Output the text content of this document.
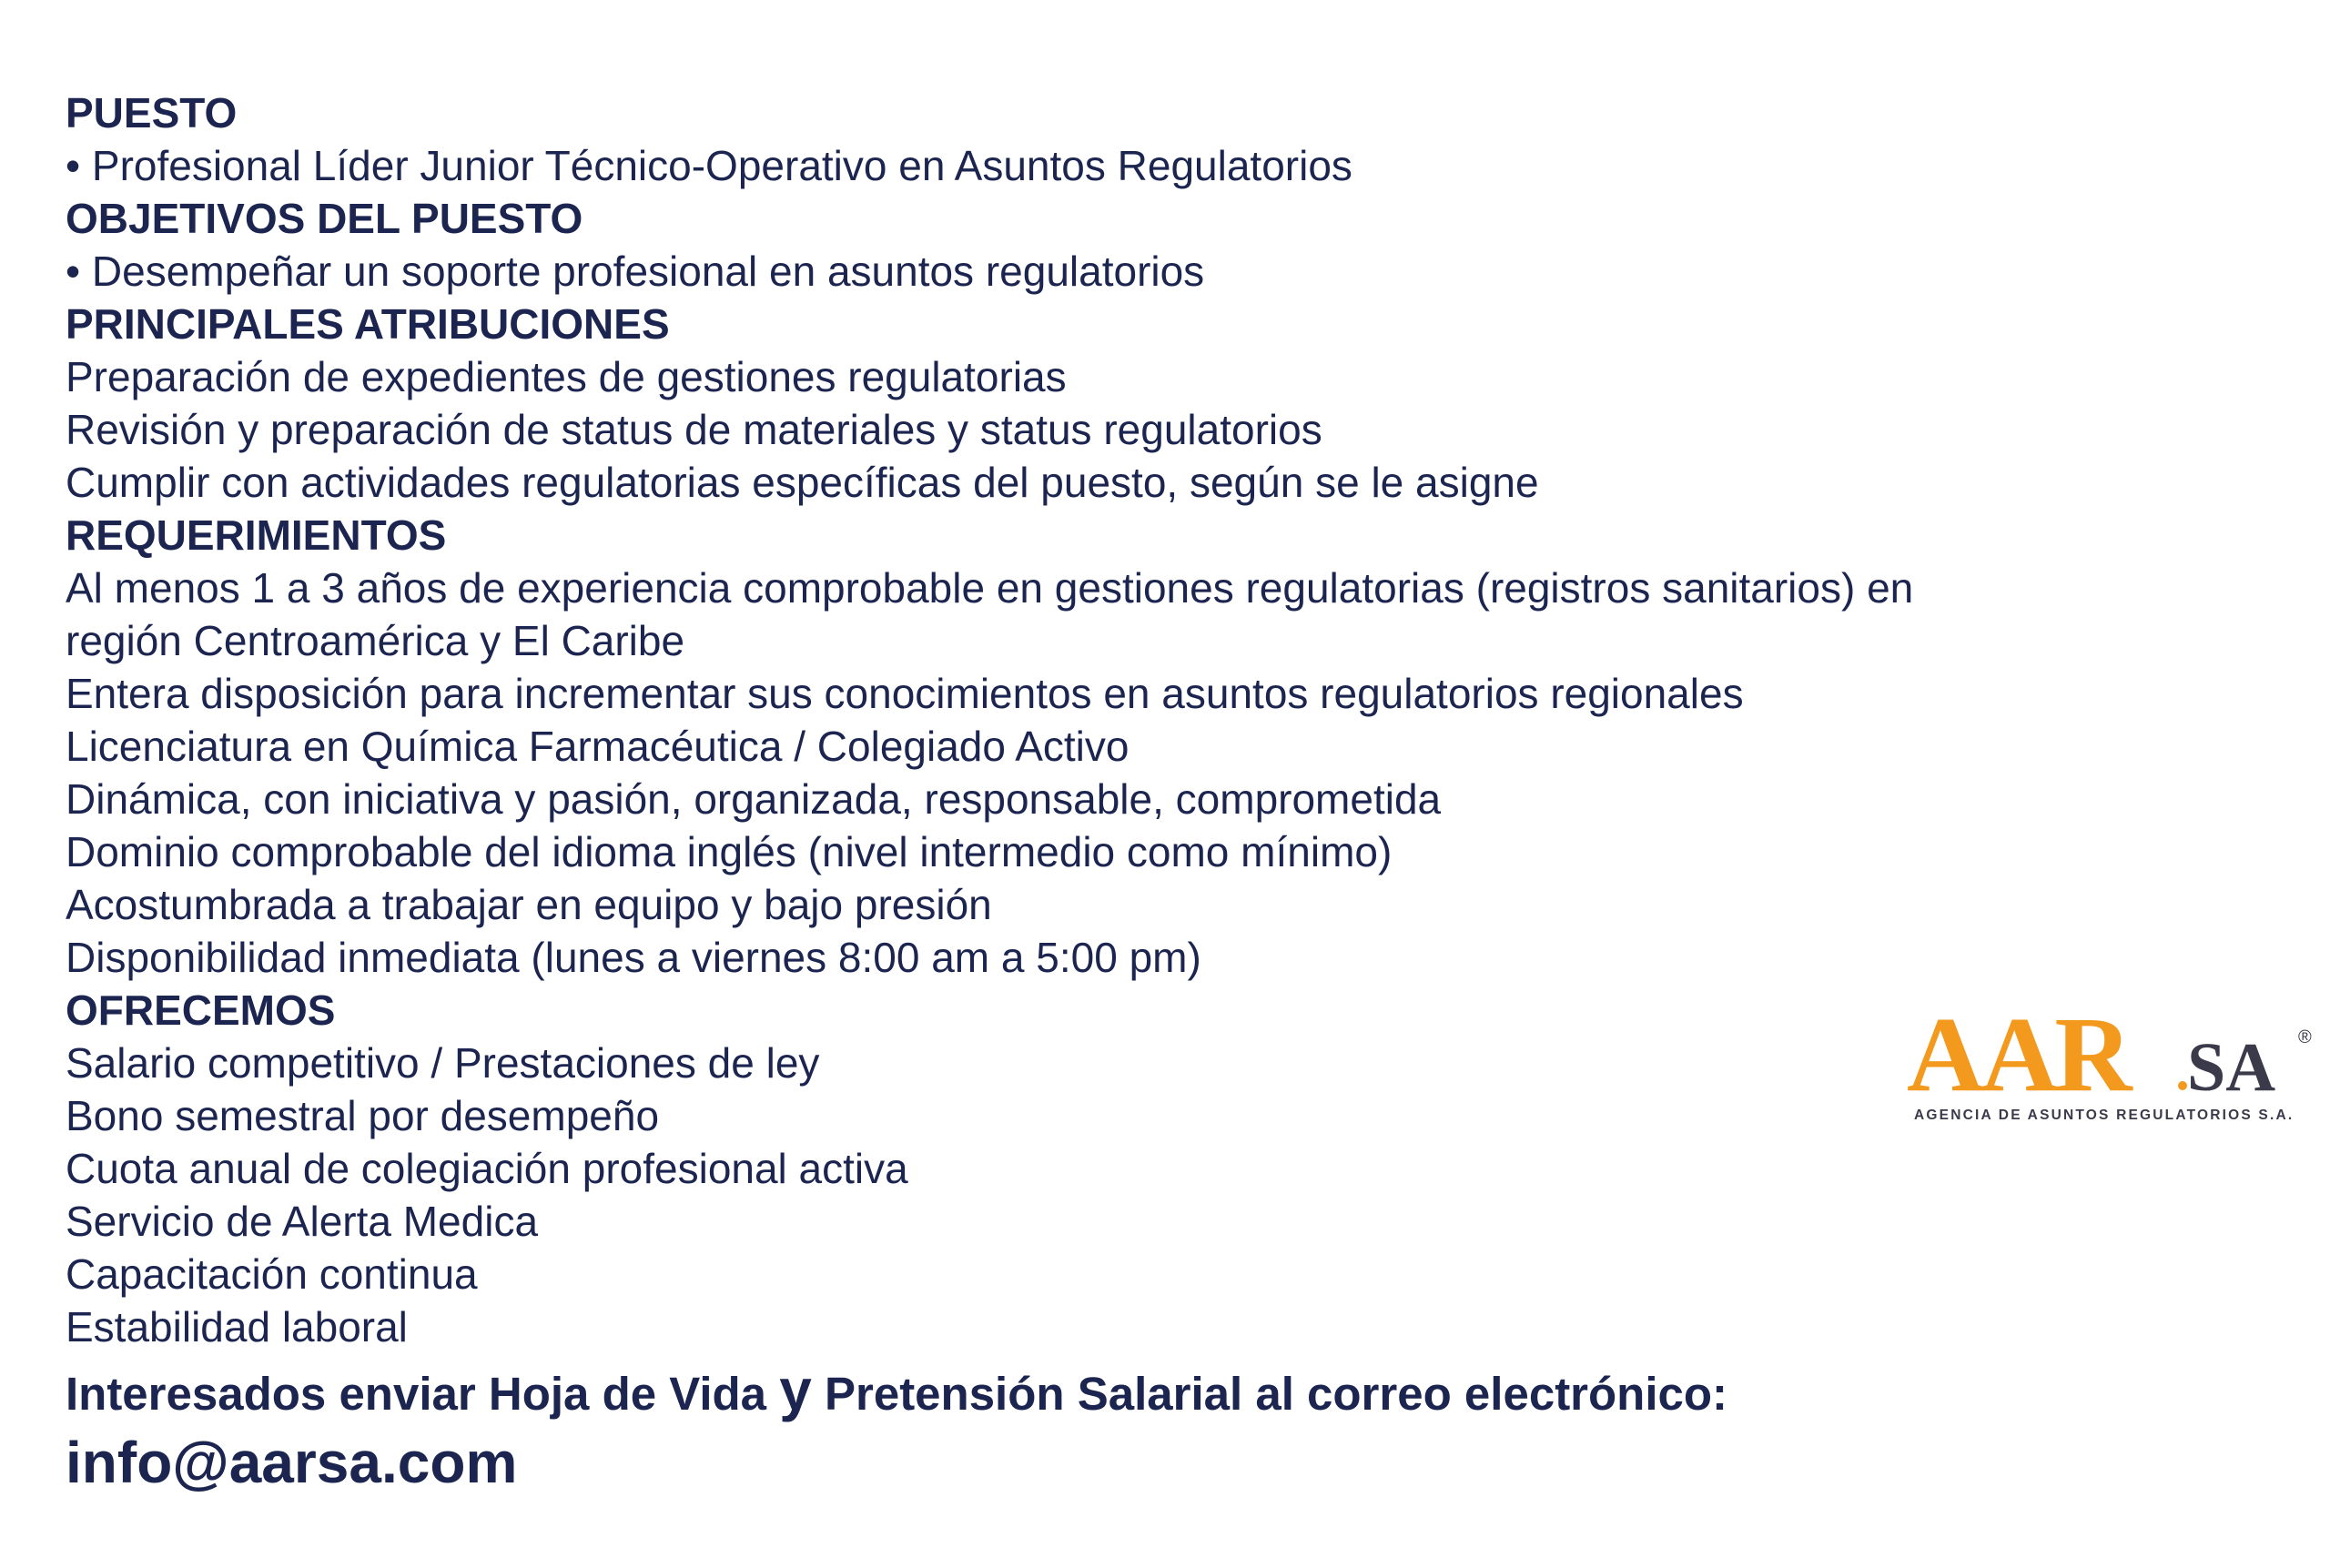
PUESTO

• Profesional Líder Junior Técnico-Operativo en Asuntos Regulatorios

OBJETIVOS DEL PUESTO

• Desempeñar un soporte profesional en asuntos regulatorios

PRINCIPALES ATRIBUCIONES

Preparación de expedientes de gestiones regulatorias

Revisión y preparación de status de materiales y status regulatorios

Cumplir con actividades regulatorias específicas del puesto, según se le asigne

REQUERIMIENTOS

Al menos 1 a 3 años de experiencia comprobable en gestiones regulatorias (registros sanitarios) en

región Centroamérica y El Caribe

Entera disposición para incrementar sus conocimientos en asuntos regulatorios regionales

Licenciatura en Química Farmacéutica / Colegiado Activo

Dinámica, con iniciativa y pasión, organizada, responsable, comprometida

Dominio comprobable del idioma inglés (nivel intermedio como mínimo)

Acostumbrada a trabajar en equipo y bajo presión

Disponibilidad inmediata (lunes a viernes 8:00 am a 5:00 pm)

OFRECEMOS

Salario competitivo / Prestaciones de ley

Bono semestral por desempeño

Cuota anual de colegiación profesional activa

Servicio de Alerta Medica

Capacitación continua

Estabilidad laboral

Interesados enviar Hoja de Vida y Pretensión Salarial al correo electrónico:
info@aarsa.com
AAR SA ®
AGENCIA DE ASUNTOS REGULATORIOS S.A.
